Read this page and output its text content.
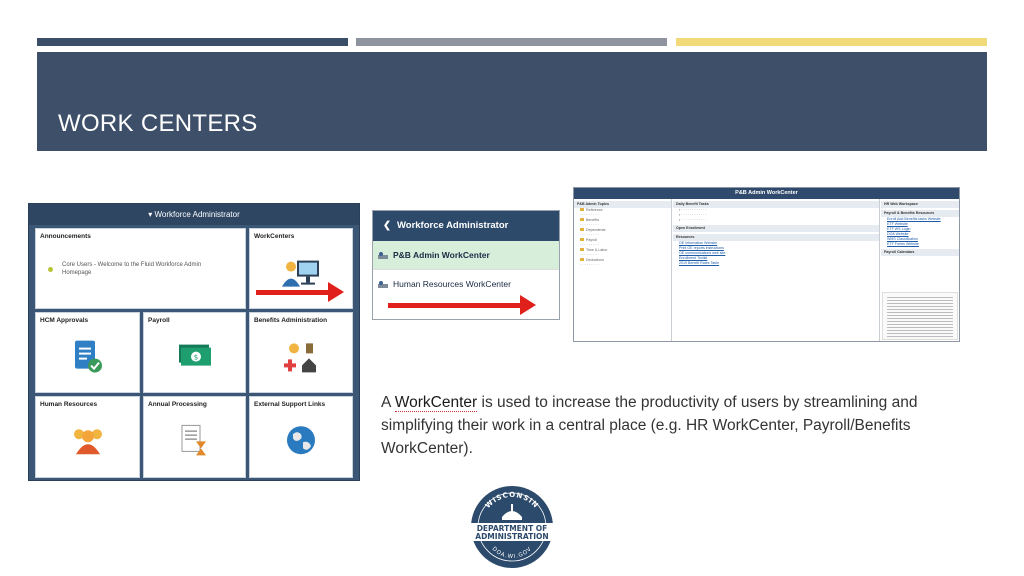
WORK CENTERS
▾ Workforce Administrator
Announcements
Core Users - Welcome to the Fluid Workforce Admin Homepage
WorkCenters
HCM Approvals	Payroll
$
Benefits Administration
Human Resources	Annual Processing	External Support Links
❮ Workforce Administrator
P&B Admin WorkCenter
Human Resources WorkCenter
P&B Admin WorkCenter
P&B Admin Topics
Reference
· · · · · · · · ·
Benefits
· · · · · · · · ·
Dependents
· · · · · · · · ·
Payroll
· · · · · · · · ·
Time & Labor
· · · · · · · · ·
Deductions
· · · · · · · · ·
Daily Benefit Tasks
▪ · · · · · · · · · · · ·
▪ · · · · · · · · · · · ·
▪ · · · · · · · · · · · ·
Open Enrollment
Resources
OE Information Website
Print OE reports instructions
OE communications web site
Enrollment Toolkit
2019 Benefit Rates Table
HR Web Workspace
Payroll & Benefits Resources
Enroll Add Benefits tasks Website
ETF Website
ETF WS Login
DOA Website
WMS Classification
ETF Forms Website
Payroll Calendars

A WorkCenter is used to increase the productivity of users by streamlining and simplifying their work in a central place (e.g. HR WorkCenter, Payroll/Benefits WorkCenter).

WISCONSIN
DEPARTMENT OF
ADMINISTRATION
DOA.WI.GOV
